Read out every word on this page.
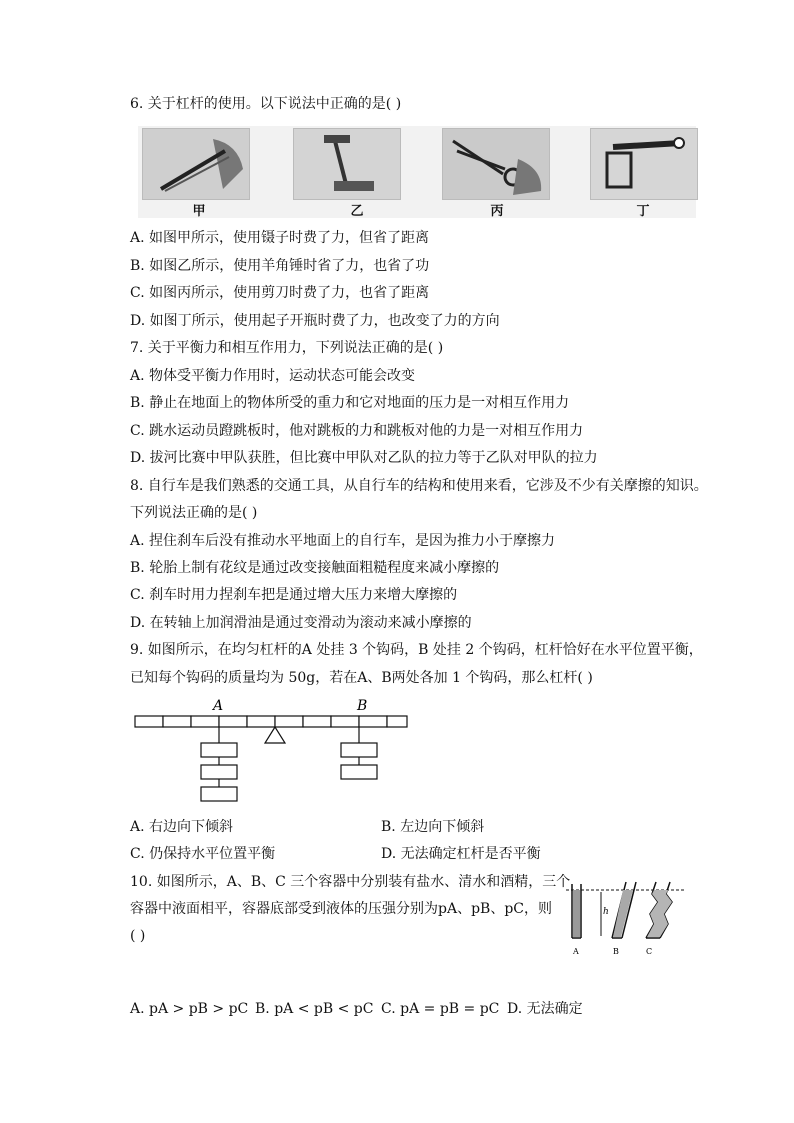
6. 关于杠杆的使用。以下说法中正确的是( )
甲	乙	丙	丁
A. 如图甲所示，使用镊子时费了力，但省了距离
B. 如图乙所示，使用羊角锤时省了力，也省了功
C. 如图丙所示，使用剪刀时费了力，也省了距离
D. 如图丁所示，使用起子开瓶时费了力，也改变了力的方向
7. 关于平衡力和相互作用力，下列说法正确的是( )
A. 物体受平衡力作用时，运动状态可能会改变
B. 静止在地面上的物体所受的重力和它对地面的压力是一对相互作用力
C. 跳水运动员蹬跳板时，他对跳板的力和跳板对他的力是一对相互作用力
D. 拔河比赛中甲队获胜，但比赛中甲队对乙队的拉力等于乙队对甲队的拉力
8. 自行车是我们熟悉的交通工具，从自行车的结构和使用来看，它涉及不少有关摩擦的知识。
下列说法正确的是( )
A. 捏住刹车后没有推动水平地面上的自行车，是因为推力小于摩擦力
B. 轮胎上制有花纹是通过改变接触面粗糙程度来减小摩擦的
C. 刹车时用力捏刹车把是通过增大压力来增大摩擦的
D. 在转轴上加润滑油是通过变滑动为滚动来减小摩擦的
9. 如图所示，在均匀杠杆的A 处挂 3 个钩码，B 处挂 2 个钩码，杠杆恰好在水平位置平衡，
已知每个钩码的质量均为 50g，若在A、B两处各加 1 个钩码，那么杠杆( )
A	B
A. 右边向下倾斜	B. 左边向下倾斜
C. 仍保持水平位置平衡	D. 无法确定杠杆是否平衡
10. 如图所示，A、B、C 三个容器中分别装有盐水、清水和酒精，三个
容器中液面相平，容器底部受到液体的压强分别为pA、pB、pC，则
( )
h
A	B	C
A. pA > pB > pC B. pA < pB < pC C. pA = pB = pC D. 无法确定
